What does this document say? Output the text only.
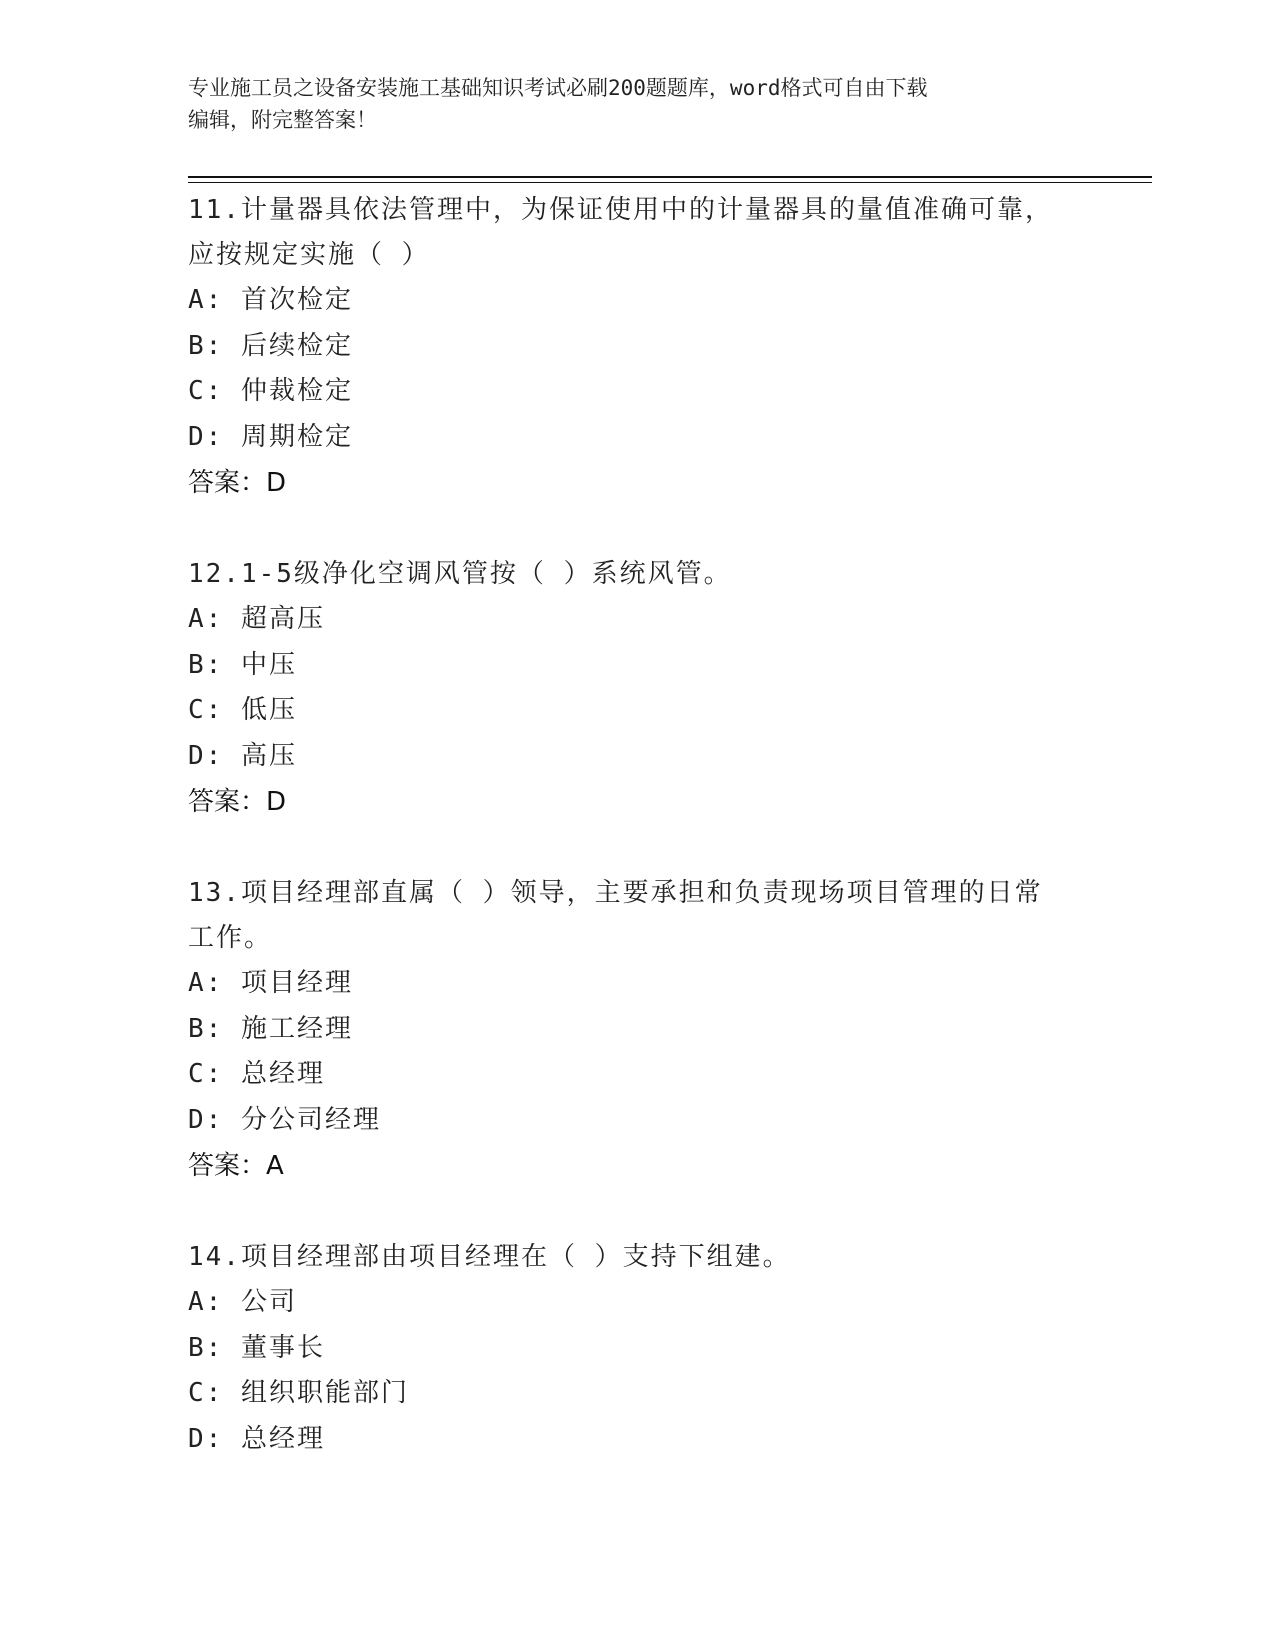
专业施工员之设备安装施工基础知识考试必刷200题题库，word格式可自由下载
编辑，附完整答案！
11.计量器具依法管理中，为保证使用中的计量器具的量值准确可靠，
应按规定实施（ ）
A: 首次检定
B: 后续检定
C: 仲裁检定
D: 周期检定
答案：D
12.1-5级净化空调风管按（ ）系统风管。
A: 超高压
B: 中压
C: 低压
D: 高压
答案：D
13.项目经理部直属（ ）领导，主要承担和负责现场项目管理的日常
工作。
A: 项目经理
B: 施工经理
C: 总经理
D: 分公司经理
答案：A
14.项目经理部由项目经理在（ ）支持下组建。
A: 公司
B: 董事长
C: 组织职能部门
D: 总经理
